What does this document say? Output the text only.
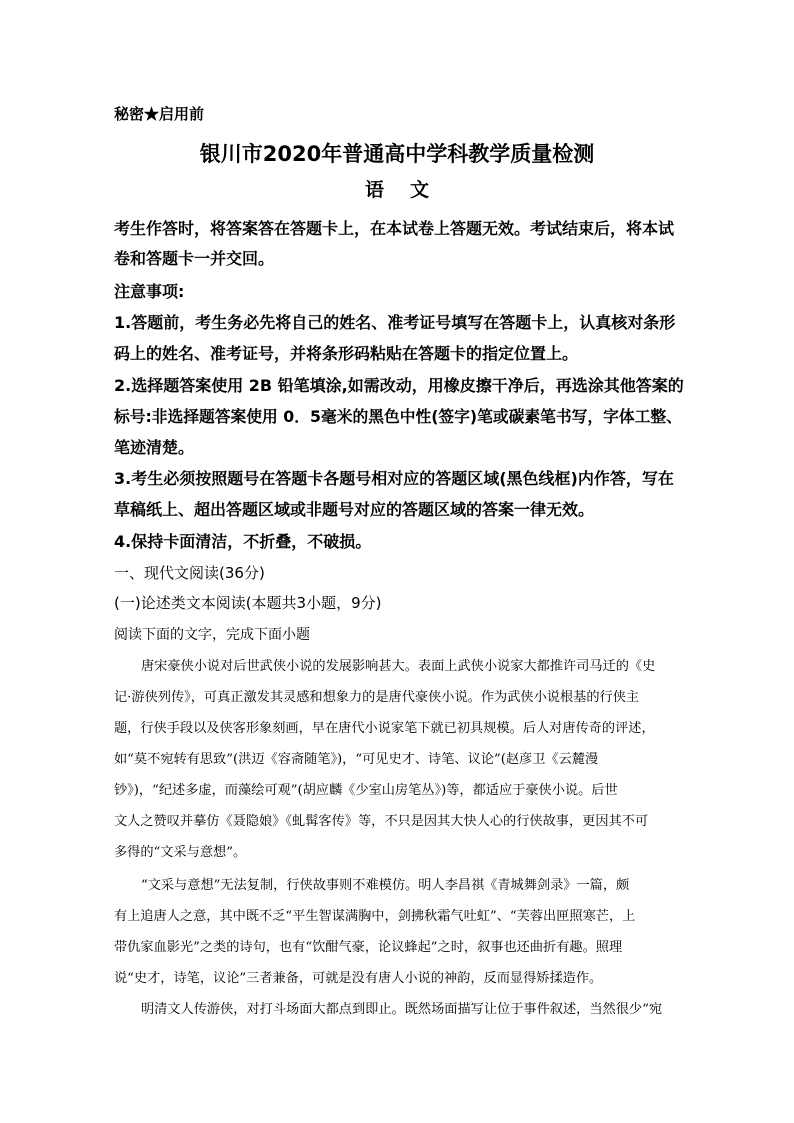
秘密★启用前
银川市2020年普通高中学科教学质量检测
语文
考生作答时，将答案答在答题卡上，在本试卷上答题无效。考试结束后，将本试
卷和答题卡一并交回。
注意事项:
1.答题前，考生务必先将自己的姓名、准考证号填写在答题卡上，认真核对条形
码上的姓名、准考证号，并将条形码粘贴在答题卡的指定位置上。
2.选择题答案使用 2B 铅笔填涂,如需改动，用橡皮擦干净后，再选涂其他答案的
标号:非选择题答案使用 0．5毫米的黑色中性(签字)笔或碳素笔书写，字体工整、
笔迹清楚。
3.考生必须按照题号在答题卡各题号相对应的答题区域(黑色线框)内作答，写在
草稿纸上、超出答题区域或非题号对应的答题区域的答案一律无效。
4.保持卡面清洁，不折叠，不破损。
一、现代文阅读(36分)
(一)论述类文本阅读(本题共3小题，9分)
阅读下面的文字，完成下面小题
唐宋豪侠小说对后世武侠小说的发展影响甚大。表面上武侠小说家大都推许司马迁的《史
记·游侠列传》，可真正激发其灵感和想象力的是唐代豪侠小说。作为武侠小说根基的行侠主
题，行侠手段以及侠客形象刻画，早在唐代小说家笔下就已初具规模。后人对唐传奇的评述，
如“莫不宛转有思致”(洪迈《容斋随笔》)，“可见史才、诗笔、议论”(赵彦卫《云麓漫
钞》)，“纪述多虚，而藻绘可观”(胡应麟《少室山房笔丛》)等，都适应于豪侠小说。后世
文人之赞叹并摹仿《聂隐娘》《虬髯客传》等，不只是因其大快人心的行侠故事，更因其不可
多得的“文采与意想”。
“文采与意想”无法复制，行侠故事则不难模仿。明人李昌祺《青城舞剑录》一篇，颇
有上追唐人之意，其中既不乏“平生智谋满胸中，剑拂秋霜气吐虹”、“芙蓉出匣照寒芒，上
带仇家血影光”之类的诗句，也有“饮酣气豪，论议蜂起”之时，叙事也还曲折有趣。照理
说“史才，诗笔，议论”三者兼备，可就是没有唐人小说的神韵，反而显得矫揉造作。
明清文人传游侠，对打斗场面大都点到即止。既然场面描写让位于事件叙述，当然很少“宛
